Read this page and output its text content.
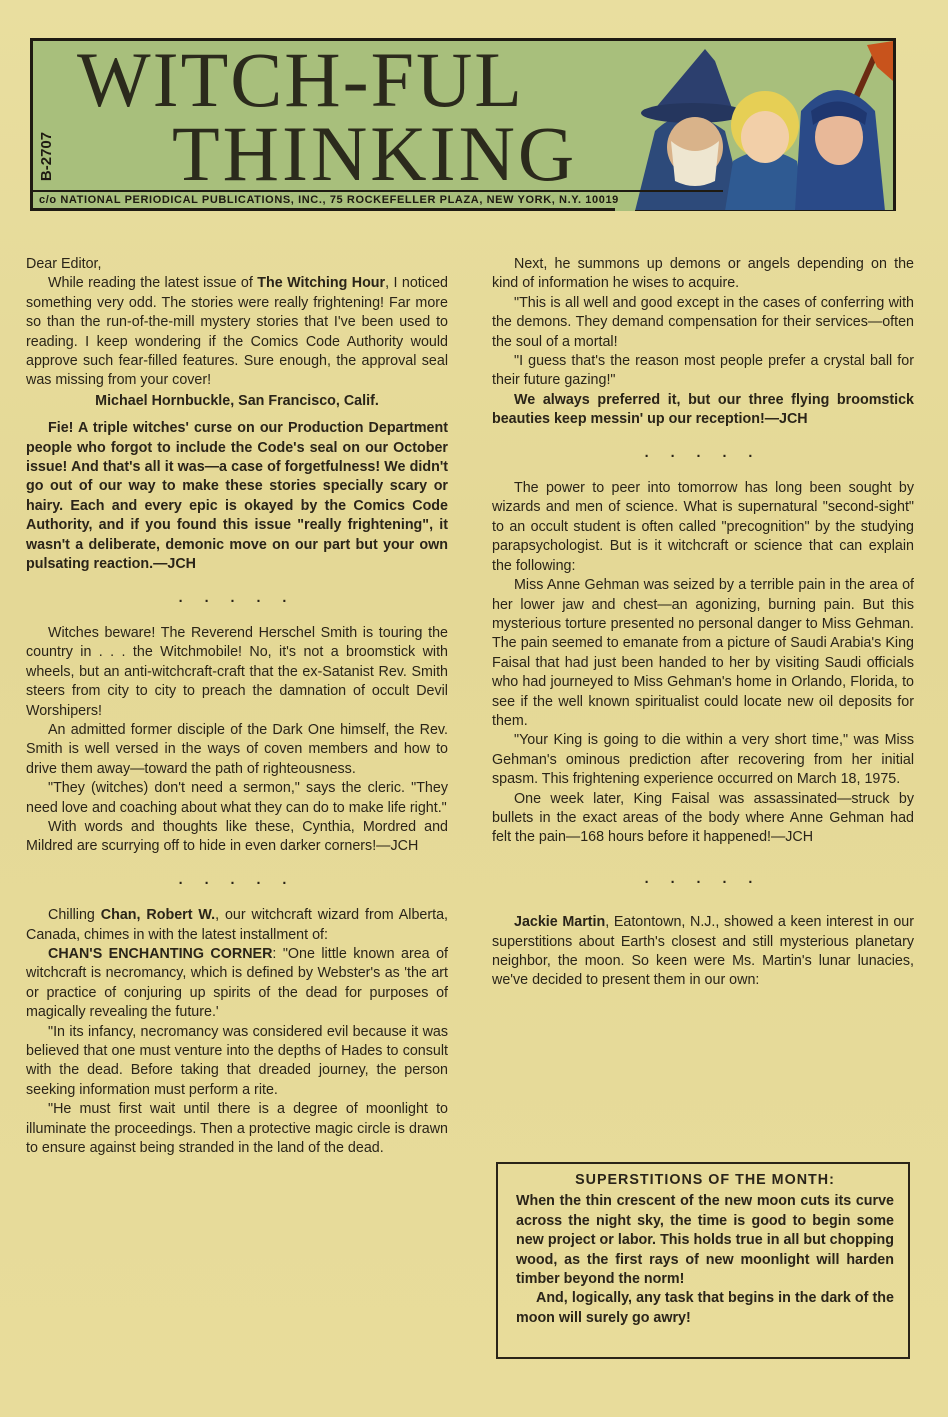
B-2707
WITCH-FUL
THINKING
c/o NATIONAL PERIODICAL PUBLICATIONS, INC., 75 ROCKEFELLER PLAZA, NEW YORK, N.Y. 10019

Dear Editor,

While reading the latest issue of The Witching Hour, I noticed something very odd. The stories were really frightening! Far more so than the run-of-the-mill mystery stories that I've been used to reading. I keep wondering if the Comics Code Authority would approve such fear-filled features. Sure enough, the approval seal was missing from your cover!

Michael Hornbuckle, San Francisco, Calif.

Fie! A triple witches' curse on our Production Department people who forgot to include the Code's seal on our October issue! And that's all it was—a case of forgetfulness! We didn't go out of our way to make these stories specially scary or hairy. Each and every epic is okayed by the Comics Code Authority, and if you found this issue "really frightening", it wasn't a deliberate, demonic move on our part but your own pulsating reaction.—JCH

. . . . .

Witches beware! The Reverend Herschel Smith is touring the country in . . . the Witchmobile! No, it's not a broomstick with wheels, but an anti-witchcraft-craft that the ex-Satanist Rev. Smith steers from city to city to preach the damnation of occult Devil Worshipers!

An admitted former disciple of the Dark One himself, the Rev. Smith is well versed in the ways of coven members and how to drive them away—toward the path of righteousness.

"They (witches) don't need a sermon," says the cleric. "They need love and coaching about what they can do to make life right."

With words and thoughts like these, Cynthia, Mordred and Mildred are scurrying off to hide in even darker corners!—JCH

. . . . .

Chilling Chan, Robert W., our witchcraft wizard from Alberta, Canada, chimes in with the latest installment of:

CHAN'S ENCHANTING CORNER: "One little known area of witchcraft is necromancy, which is defined by Webster's as 'the art or practice of conjuring up spirits of the dead for purposes of magically revealing the future.'

"In its infancy, necromancy was considered evil because it was believed that one must venture into the depths of Hades to consult with the dead. Before taking that dreaded journey, the person seeking information must perform a rite.

"He must first wait until there is a degree of moonlight to illuminate the proceedings. Then a protective magic circle is drawn to ensure against being stranded in the land of the dead.

Next, he summons up demons or angels depending on the kind of information he wises to acquire.

"This is all well and good except in the cases of conferring with the demons. They demand compensation for their services—often the soul of a mortal!

"I guess that's the reason most people prefer a crystal ball for their future gazing!"

We always preferred it, but our three flying broomstick beauties keep messin' up our reception!—JCH

. . . . .

The power to peer into tomorrow has long been sought by wizards and men of science. What is supernatural "second-sight" to an occult student is often called "precognition" by the studying parapsychologist. But is it witchcraft or science that can explain the following:

Miss Anne Gehman was seized by a terrible pain in the area of her lower jaw and chest—an agonizing, burning pain. But this mysterious torture presented no personal danger to Miss Gehman. The pain seemed to emanate from a picture of Saudi Arabia's King Faisal that had just been handed to her by visiting Saudi officials who had journeyed to Miss Gehman's home in Orlando, Florida, to see if the well known spiritualist could locate new oil deposits for them.

"Your King is going to die within a very short time," was Miss Gehman's ominous prediction after recovering from her initial spasm. This frightening experience occurred on March 18, 1975.

One week later, King Faisal was assassinated—struck by bullets in the exact areas of the body where Anne Gehman had felt the pain—168 hours before it happened!—JCH

. . . . .

Jackie Martin, Eatontown, N.J., showed a keen interest in our superstitions about Earth's closest and still mysterious planetary neighbor, the moon. So keen were Ms. Martin's lunar lunacies, we've decided to present them in our own:

SUPERSTITIONS OF THE MONTH:

When the thin crescent of the new moon cuts its curve across the night sky, the time is good to begin some new project or labor. This holds true in all but chopping wood, as the first rays of new moonlight will harden timber beyond the norm!

And, logically, any task that begins in the dark of the moon will surely go awry!
